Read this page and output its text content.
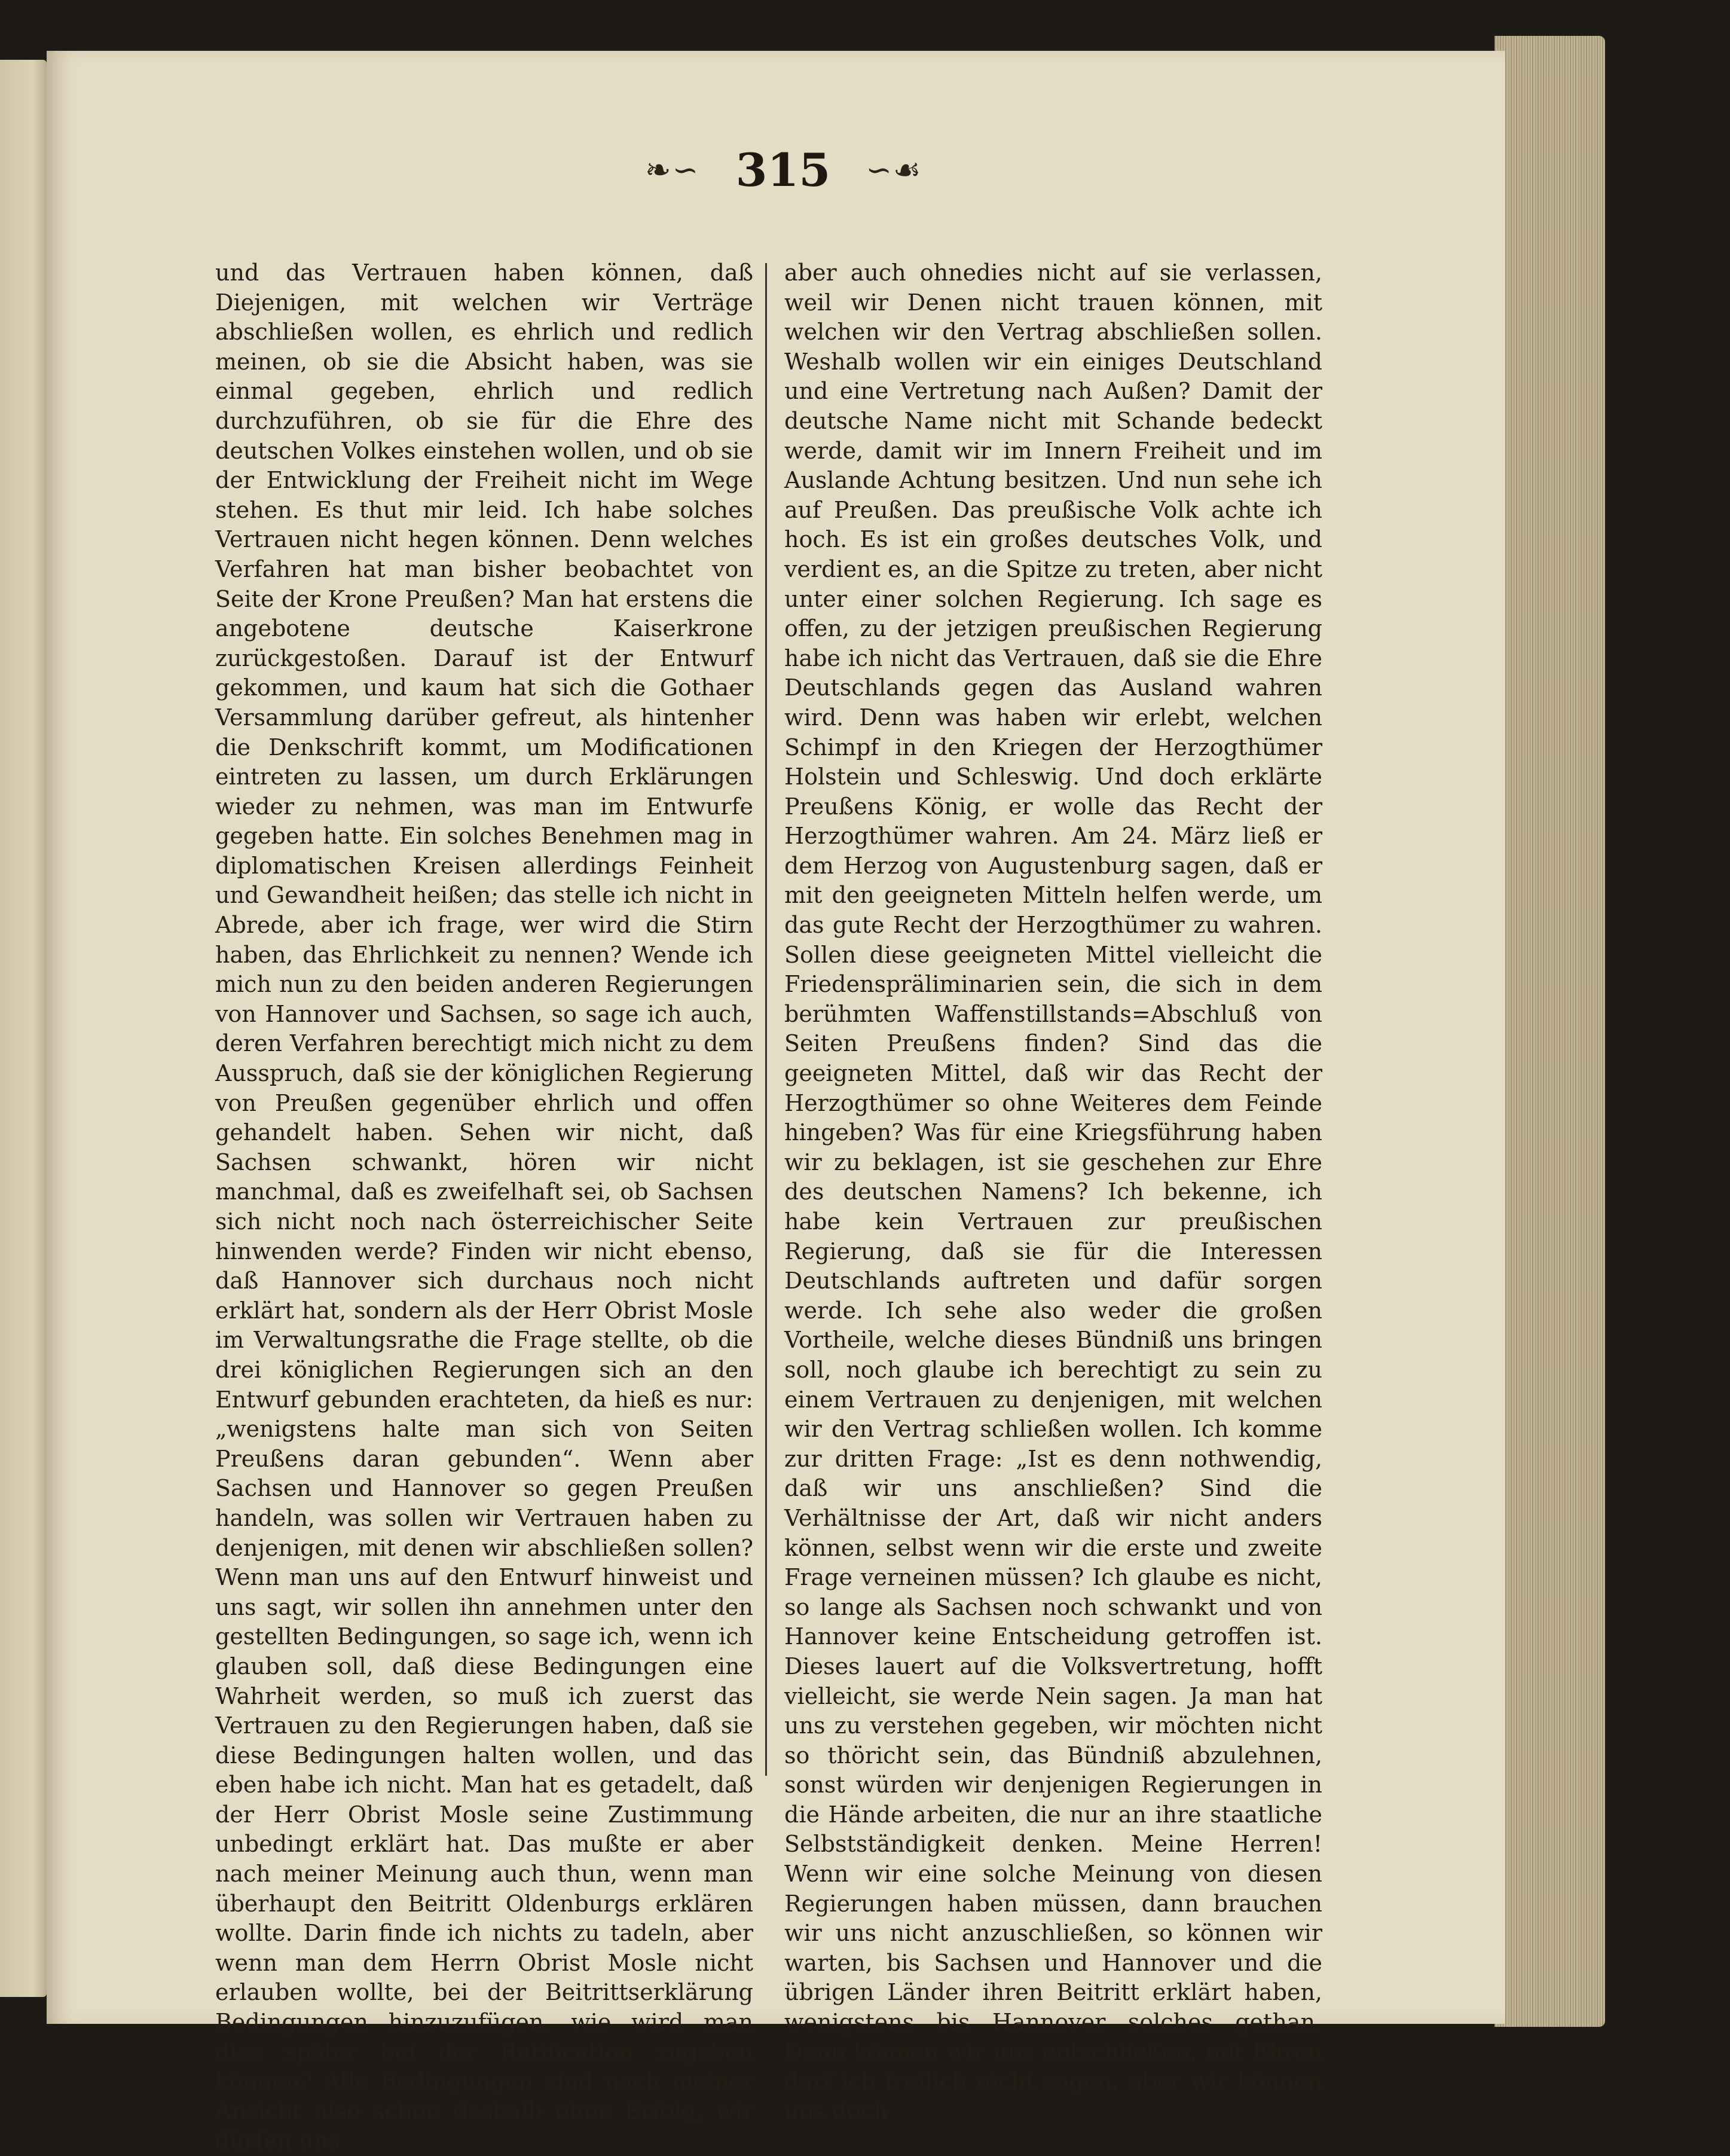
❧∽ 315 ∽☙
und das Vertrauen haben können, daß Diejenigen, mit welchen wir Verträge abschließen wollen, es ehrlich und redlich meinen, ob sie die Absicht haben, was sie einmal gegeben, ehrlich und redlich durchzuführen, ob sie für die Ehre des deutschen Volkes einstehen wollen, und ob sie der Entwicklung der Freiheit nicht im Wege stehen. Es thut mir leid. Ich habe solches Vertrauen nicht hegen können. Denn welches Verfahren hat man bisher beobachtet von Seite der Krone Preußen? Man hat erstens die angebotene deutsche Kaiserkrone zurückgestoßen. Darauf ist der Entwurf gekommen, und kaum hat sich die Gothaer Versammlung darüber gefreut, als hintenher die Denkschrift kommt, um Modificationen eintreten zu lassen, um durch Erklärungen wieder zu nehmen, was man im Entwurfe gegeben hatte. Ein solches Benehmen mag in diplomatischen Kreisen allerdings Feinheit und Gewandheit heißen; das stelle ich nicht in Abrede, aber ich frage, wer wird die Stirn haben, das Ehrlichkeit zu nennen? Wende ich mich nun zu den beiden anderen Regierungen von Hannover und Sachsen, so sage ich auch, deren Verfahren berechtigt mich nicht zu dem Ausspruch, daß sie der königlichen Regierung von Preußen gegenüber ehrlich und offen gehandelt haben. Sehen wir nicht, daß Sachsen schwankt, hören wir nicht manchmal, daß es zweifelhaft sei, ob Sachsen sich nicht noch nach österreichischer Seite hinwenden werde? Finden wir nicht ebenso, daß Hannover sich durchaus noch nicht erklärt hat, sondern als der Herr Obrist Mosle im Verwaltungsrathe die Frage stellte, ob die drei königlichen Regierungen sich an den Entwurf gebunden erachteten, da hieß es nur: „wenigstens halte man sich von Seiten Preußens daran gebunden“. Wenn aber Sachsen und Hannover so gegen Preußen handeln, was sollen wir Vertrauen haben zu denjenigen, mit denen wir abschließen sollen? Wenn man uns auf den Entwurf hinweist und uns sagt, wir sollen ihn annehmen unter den gestellten Bedingungen, so sage ich, wenn ich glauben soll, daß diese Bedingungen eine Wahrheit werden, so muß ich zuerst das Vertrauen zu den Regierungen haben, daß sie diese Bedingungen halten wollen, und das eben habe ich nicht. Man hat es getadelt, daß der Herr Obrist Mosle seine Zustimmung unbedingt erklärt hat. Das mußte er aber nach meiner Meinung auch thun, wenn man überhaupt den Beitritt Oldenburgs erklären wollte. Darin finde ich nichts zu tadeln, aber wenn man dem Herrn Obrist Mosle nicht erlauben wollte, bei der Beitrittserklärung Bedingungen hinzuzufügen, wie wird man dies später bei der Ratification zugeben können? Alle Bedingungen sind nach meiner Ansicht also schon deshalb ohne Erfolg, wir dürfen uns
aber auch ohnedies nicht auf sie verlassen, weil wir Denen nicht trauen können, mit welchen wir den Vertrag abschließen sollen. Weshalb wollen wir ein einiges Deutschland und eine Vertretung nach Außen? Damit der deutsche Name nicht mit Schande bedeckt werde, damit wir im Innern Freiheit und im Auslande Achtung besitzen. Und nun sehe ich auf Preußen. Das preußische Volk achte ich hoch. Es ist ein großes deutsches Volk, und verdient es, an die Spitze zu treten, aber nicht unter einer solchen Regierung. Ich sage es offen, zu der jetzigen preußischen Regierung habe ich nicht das Vertrauen, daß sie die Ehre Deutschlands gegen das Ausland wahren wird. Denn was haben wir erlebt, welchen Schimpf in den Kriegen der Herzogthümer Holstein und Schleswig. Und doch erklärte Preußens König, er wolle das Recht der Herzogthümer wahren. Am 24. März ließ er dem Herzog von Augustenburg sagen, daß er mit den geeigneten Mitteln helfen werde, um das gute Recht der Herzogthümer zu wahren. Sollen diese geeigneten Mittel vielleicht die Friedenspräliminarien sein, die sich in dem berühmten Waffenstillstands=Abschluß von Seiten Preußens finden? Sind das die geeigneten Mittel, daß wir das Recht der Herzogthümer so ohne Weiteres dem Feinde hingeben? Was für eine Kriegsführung haben wir zu beklagen, ist sie geschehen zur Ehre des deutschen Namens? Ich bekenne, ich habe kein Vertrauen zur preußischen Regierung, daß sie für die Interessen Deutschlands auftreten und dafür sorgen werde. Ich sehe also weder die großen Vortheile, welche dieses Bündniß uns bringen soll, noch glaube ich berechtigt zu sein zu einem Vertrauen zu denjenigen, mit welchen wir den Vertrag schließen wollen. Ich komme zur dritten Frage: „Ist es denn nothwendig, daß wir uns anschließen? Sind die Verhältnisse der Art, daß wir nicht anders können, selbst wenn wir die erste und zweite Frage verneinen müssen? Ich glaube es nicht, so lange als Sachsen noch schwankt und von Hannover keine Entscheidung getroffen ist. Dieses lauert auf die Volksvertretung, hofft vielleicht, sie werde Nein sagen. Ja man hat uns zu verstehen gegeben, wir möchten nicht so thöricht sein, das Bündniß abzulehnen, sonst würden wir denjenigen Regierungen in die Hände arbeiten, die nur an ihre staatliche Selbstständigkeit denken. Meine Herren! Wenn wir eine solche Meinung von diesen Regierungen haben müssen, dann brauchen wir uns nicht anzuschließen, so können wir warten, bis Sachsen und Hannover und die übrigen Länder ihren Beitritt erklärt haben, wenigstens bis Hannover solches gethan. Dann können wir uns entschließen, mit Ehren darf ich freilich nicht sagen, aber wir können uns doch
